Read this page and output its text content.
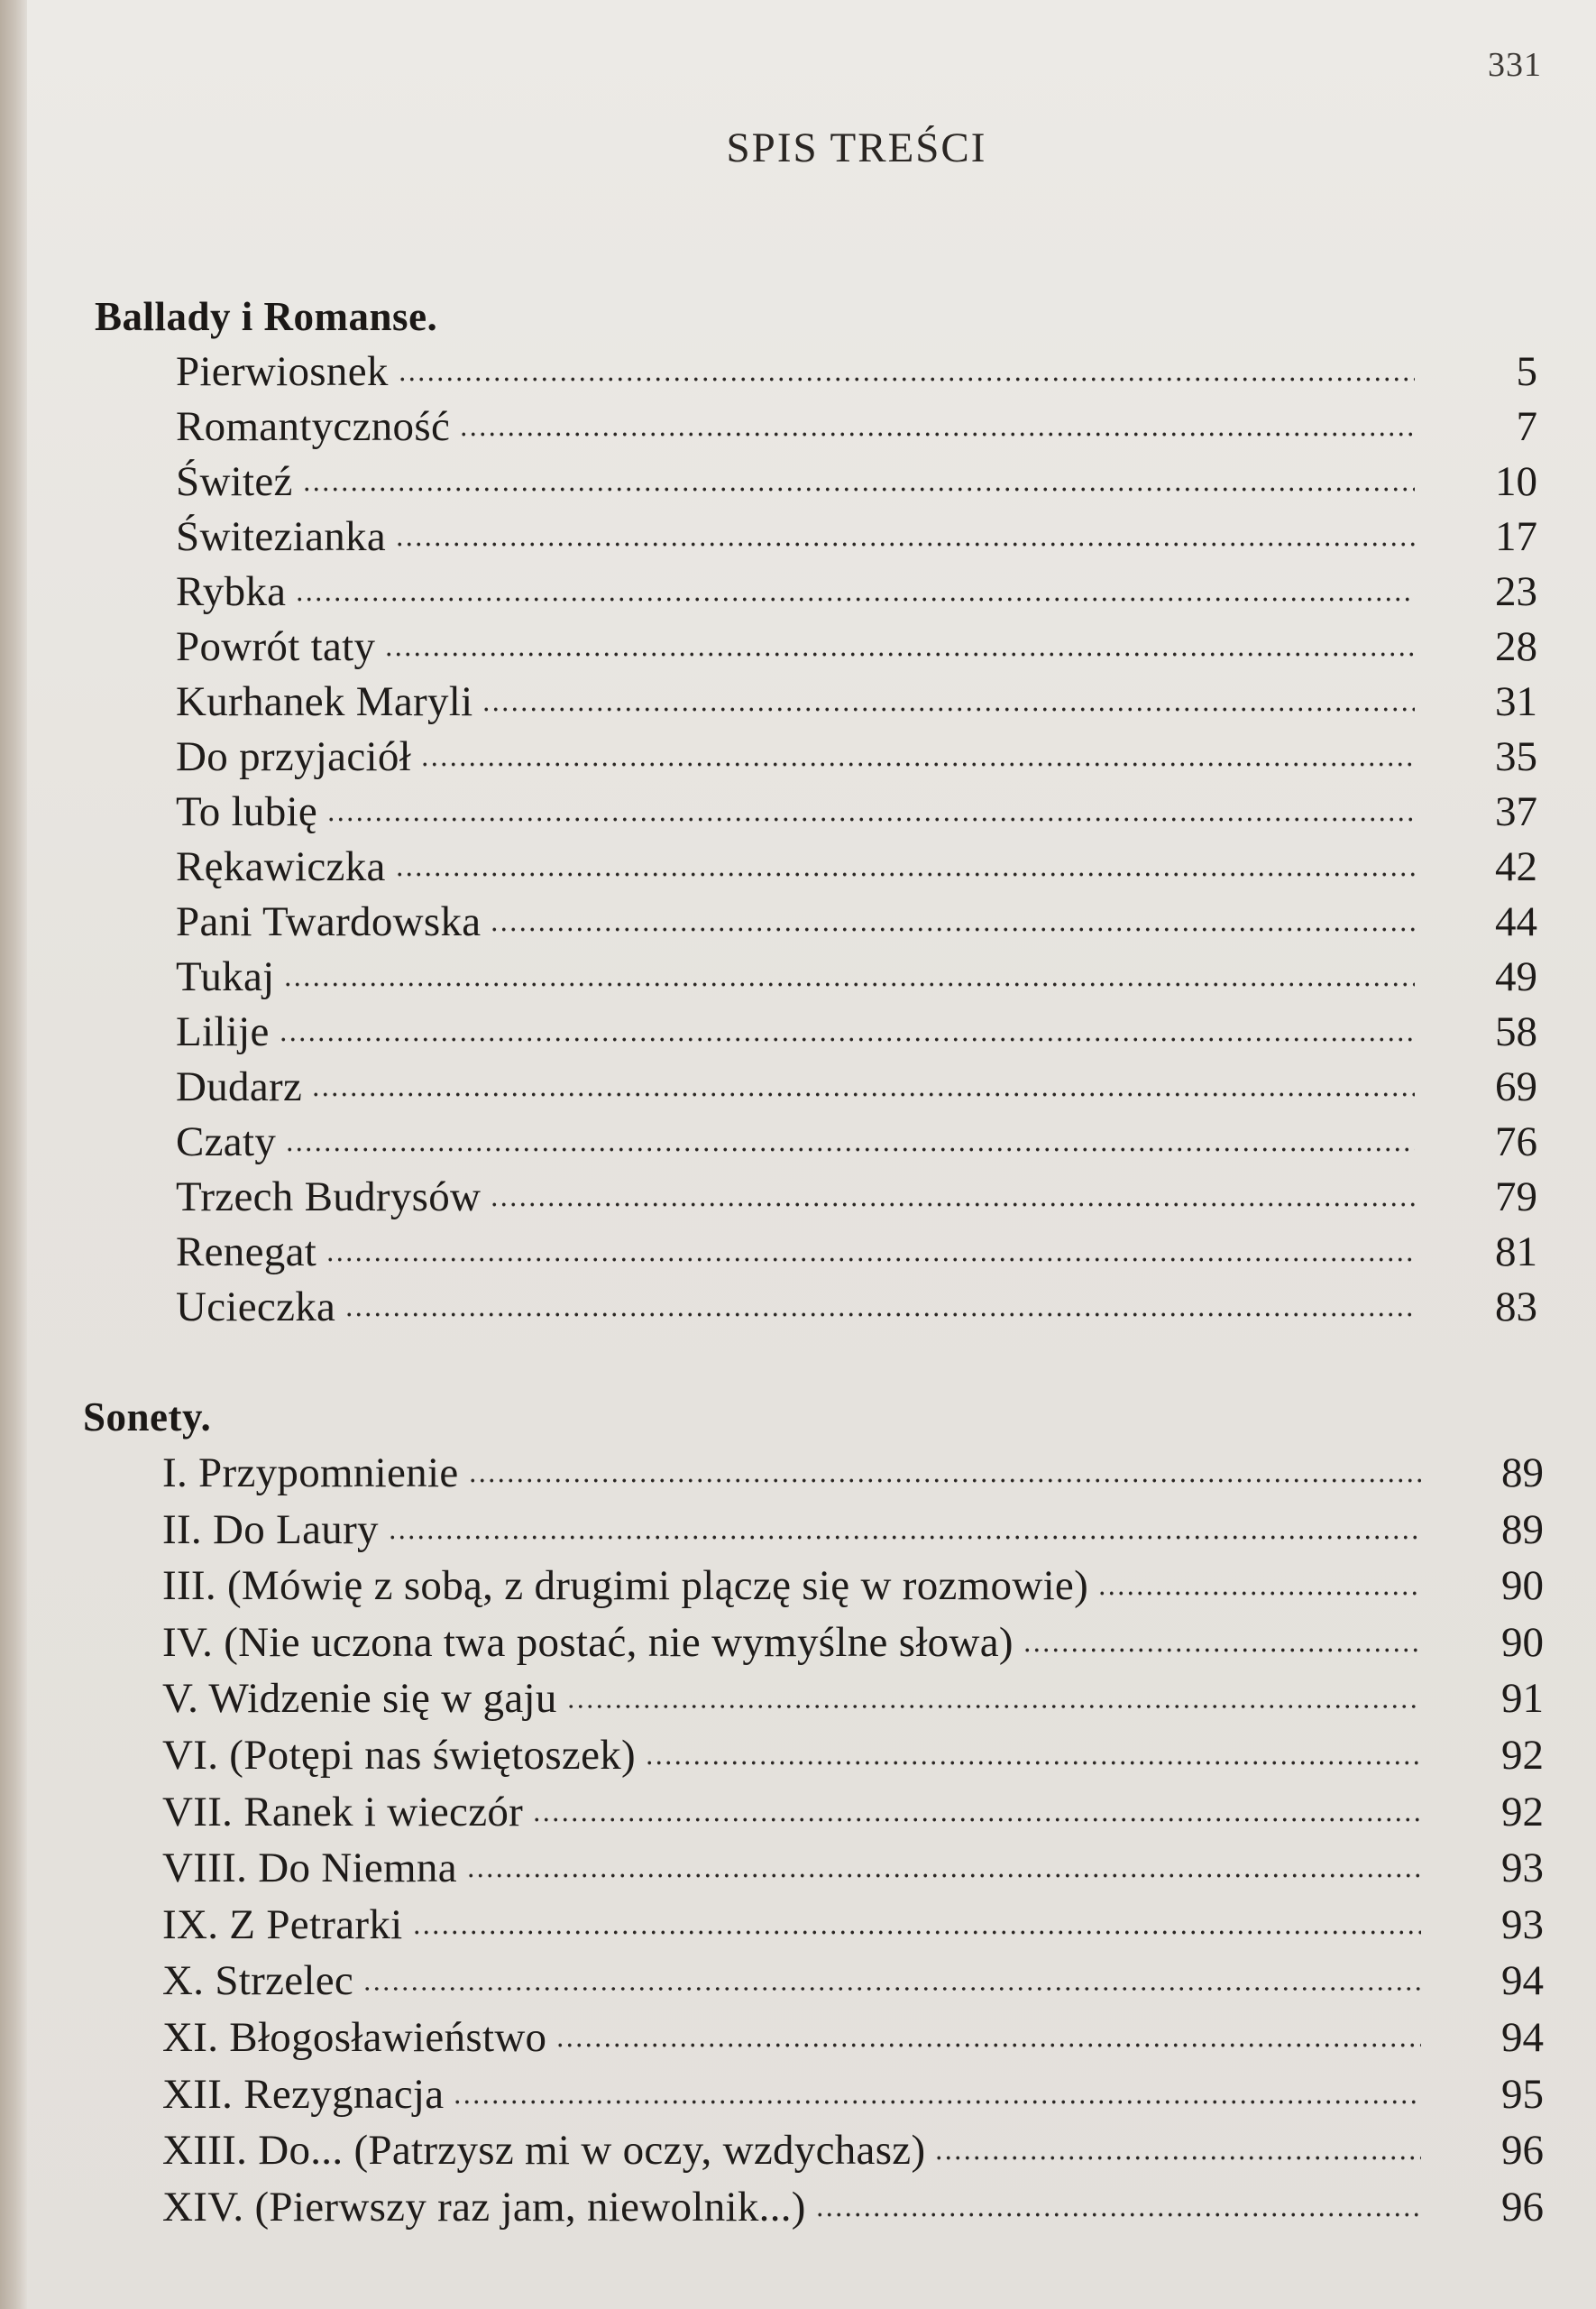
331
SPIS TREŚCI
Ballady i Romanse.
Pierwiosnek	5
Romantyczność	7
Świteź	10
Świtezianka	17
Rybka	23
Powrót taty	28
Kurhanek Maryli	31
Do przyjaciół	35
To lubię	37
Rękawiczka	42
Pani Twardowska	44
Tukaj	49
Lilije	58
Dudarz	69
Czaty	76
Trzech Budrysów	79
Renegat	81
Ucieczka	83
Sonety.
I. Przypomnienie	89
II. Do Laury	89
III. (Mówię z sobą, z drugimi plączę się w rozmowie)	90
IV. (Nie uczona twa postać, nie wymyślne słowa)	90
V. Widzenie się w gaju	91
VI. (Potępi nas świętoszek)	92
VII. Ranek i wieczór	92
VIII. Do Niemna	93
IX. Z Petrarki	93
X. Strzelec	94
XI. Błogosławieństwo	94
XII. Rezygnacja	95
XIII. Do... (Patrzysz mi w oczy, wzdychasz)	96
XIV. (Pierwszy raz jam, niewolnik...)	96
